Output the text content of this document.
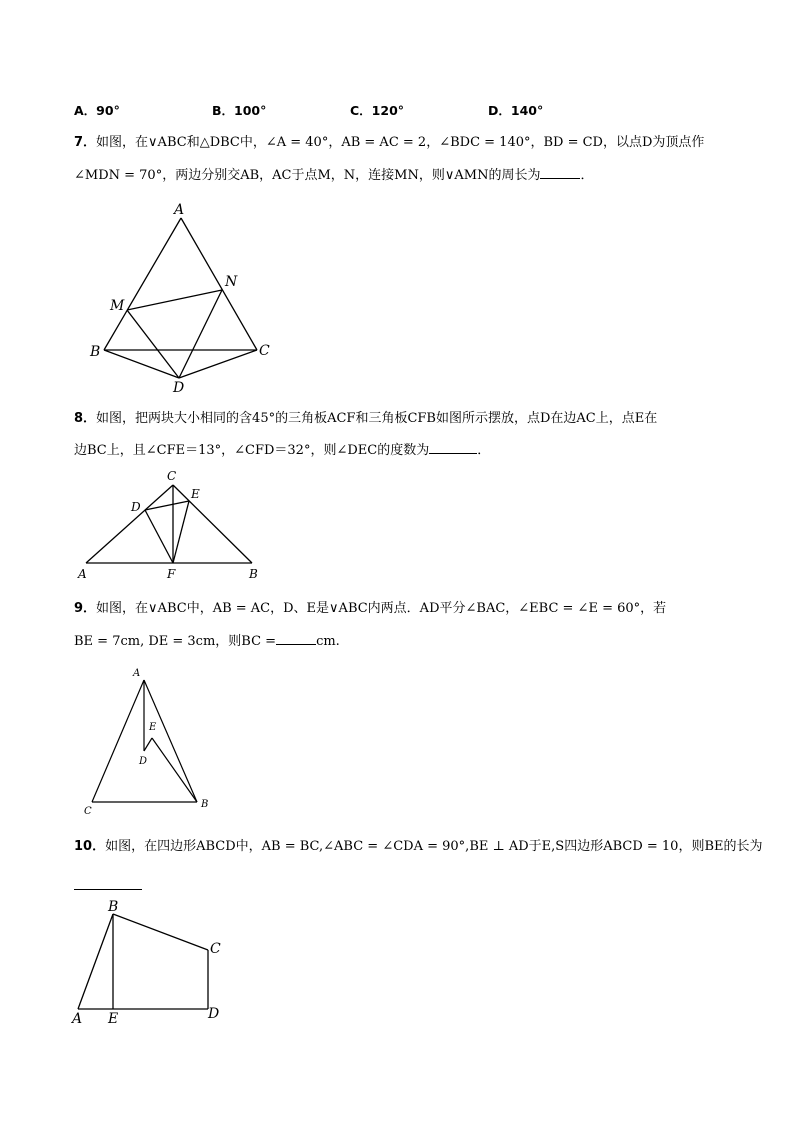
A．90°	B．100°	C．120°	D．140°
7．如图，在∨ABC和△DBC中，∠A = 40°，AB = AC = 2，∠BDC = 140°，BD = CD，以点D为顶点作
∠MDN = 70°，两边分别交AB，AC于点M，N，连接MN，则∨AMN的周长为	．
A
M
N
B	C
D
8．如图，把两块大小相同的含45°的三角板ACF和三角板CFB如图所示摆放，点D在边AC上，点E在
边BC上，且∠CFE＝13°，∠CFD＝32°，则∠DEC的度数为	．
C
D
E
A	F	B
9．如图，在∨ABC中，AB = AC，D、E是∨ABC内两点．AD平分∠BAC，∠EBC = ∠E = 60°，若
BE = 7cm, DE = 3cm，则BC =	cm.
A
E
D
C
B
10．如图，在四边形ABCD中，AB = BC,∠ABC = ∠CDA = 90°,BE ⊥ AD于E,S四边形ABCD = 10，则BE的长为
B
C
A E	D
